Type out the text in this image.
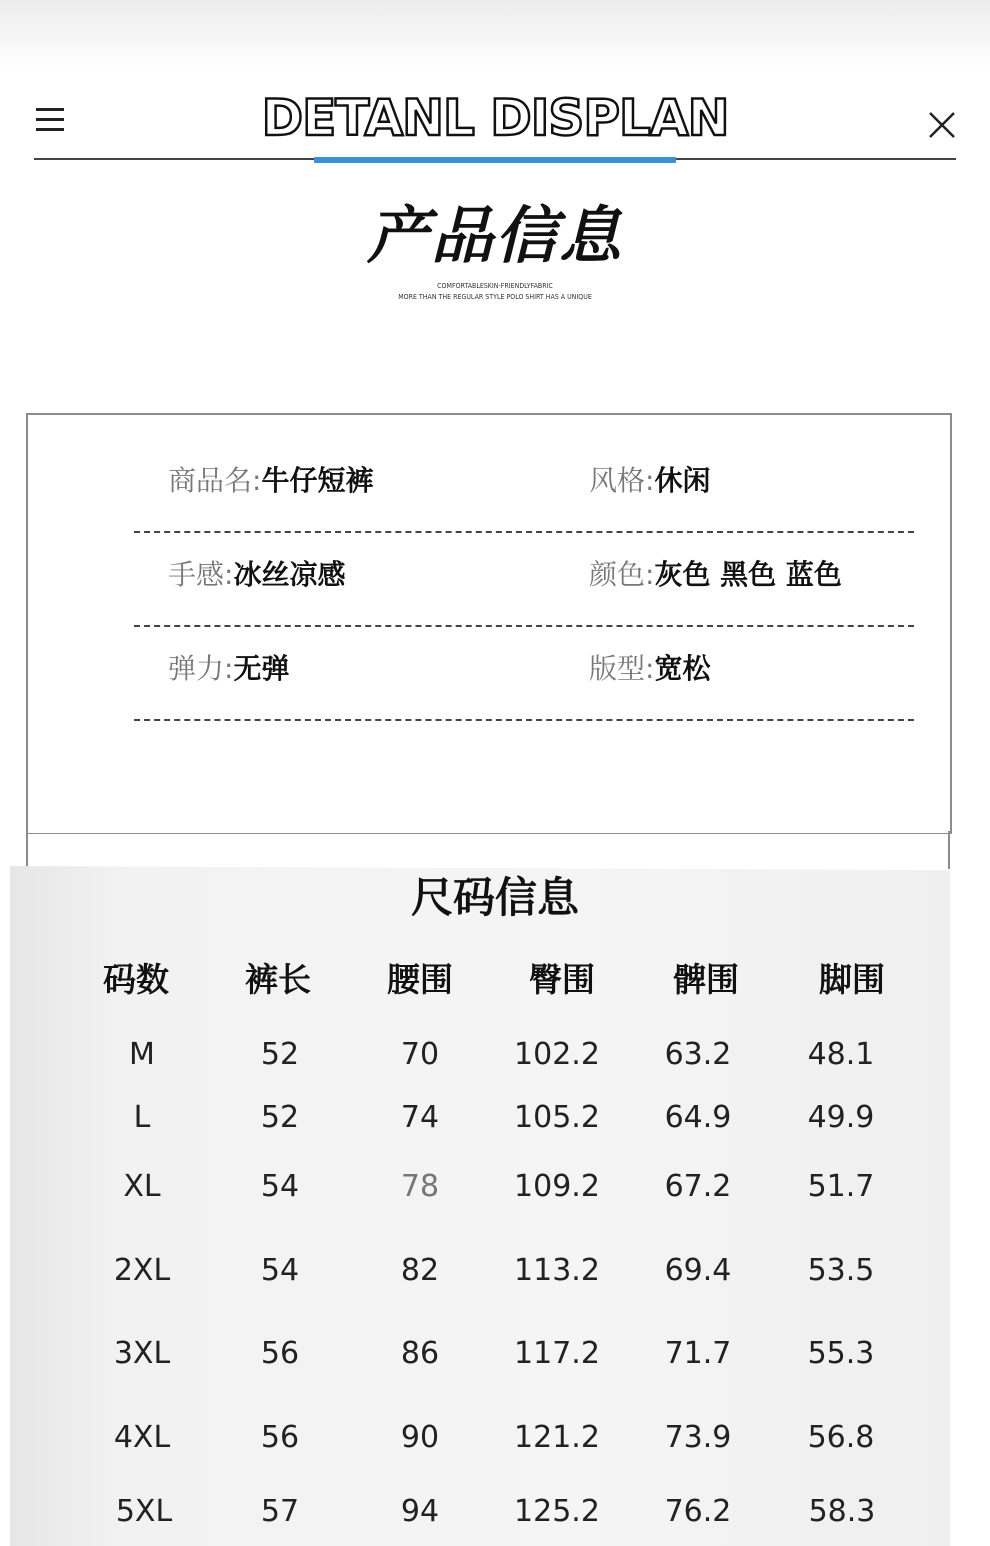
DETANL DISPLAN
产品信息
COMFORTABLESKIN-FRIENDLYFABRIC
MORE THAN THE REGULAR STYLE POLO SHIRT HAS A UNIQUE
商品名:牛仔短裤	风格:休闲
手感:冰丝凉感	颜色:灰色 黑色 蓝色
弹力:无弹	版型:宽松
尺码信息
码数	裤长	腰围	臀围	髀围	脚围
M	52	70	102.2	63.2	48.1
L	52	74	105.2	64.9	49.9
XL	54	78	109.2	67.2	51.7
2XL	54	82	113.2	69.4	53.5
3XL	56	86	117.2	71.7	55.3
4XL	56	90	121.2	73.9	56.8
5XL	57	94	125.2	76.2	58.3
